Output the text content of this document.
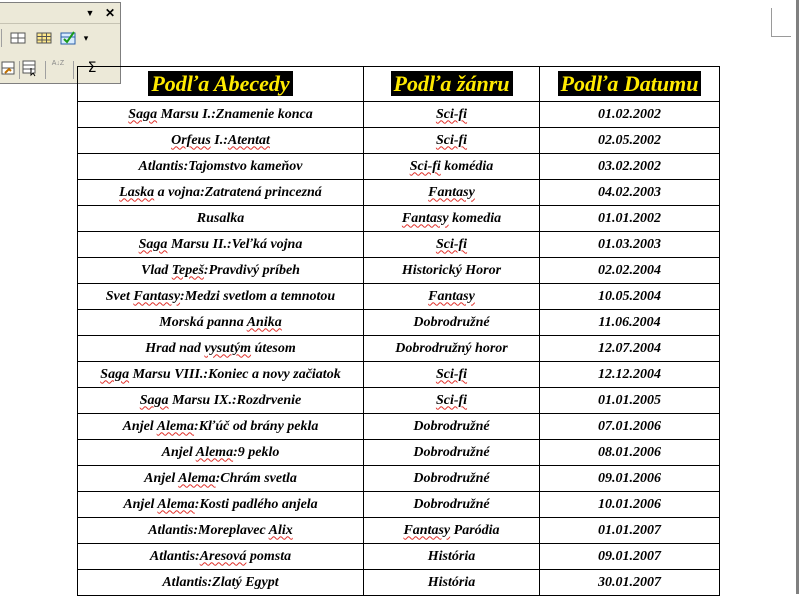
▼ ✕
▾
A↓Z	Σ
Podľa Abecedy	Podľa žánru	Podľa Datumu
Saga Marsu I.:Znamenie konca	Sci-fi	01.02.2002
Orfeus I.:Atentat	Sci-fi	02.05.2002
Atlantis:Tajomstvo kameňov	Sci-fi komédia	03.02.2002
Laska a vojna:Zatratená princezná	Fantasy	04.02.2003
Rusalka	Fantasy komedia	01.01.2002
Saga Marsu II.:Veľká vojna	Sci-fi	01.03.2003
Vlad Tepeš:Pravdivý príbeh	Historický Horor	02.02.2004
Svet Fantasy:Medzi svetlom a temnotou	Fantasy	10.05.2004
Morská panna Anika	Dobrodružné	11.06.2004
Hrad nad vysutým útesom	Dobrodružný horor	12.07.2004
Saga Marsu VIII.:Koniec a novy začiatok	Sci-fi	12.12.2004
Saga Marsu IX.:Rozdrvenie	Sci-fi	01.01.2005
Anjel Alema:Kľúč od brány pekla	Dobrodružné	07.01.2006
Anjel Alema:9 peklo	Dobrodružné	08.01.2006
Anjel Alema:Chrám svetla	Dobrodružné	09.01.2006
Anjel Alema:Kosti padlého anjela	Dobrodružné	10.01.2006
Atlantis:Moreplavec Alix	Fantasy Paródia	01.01.2007
Atlantis:Aresová pomsta	História	09.01.2007
Atlantis:Zlatý Egypt	História	30.01.2007
